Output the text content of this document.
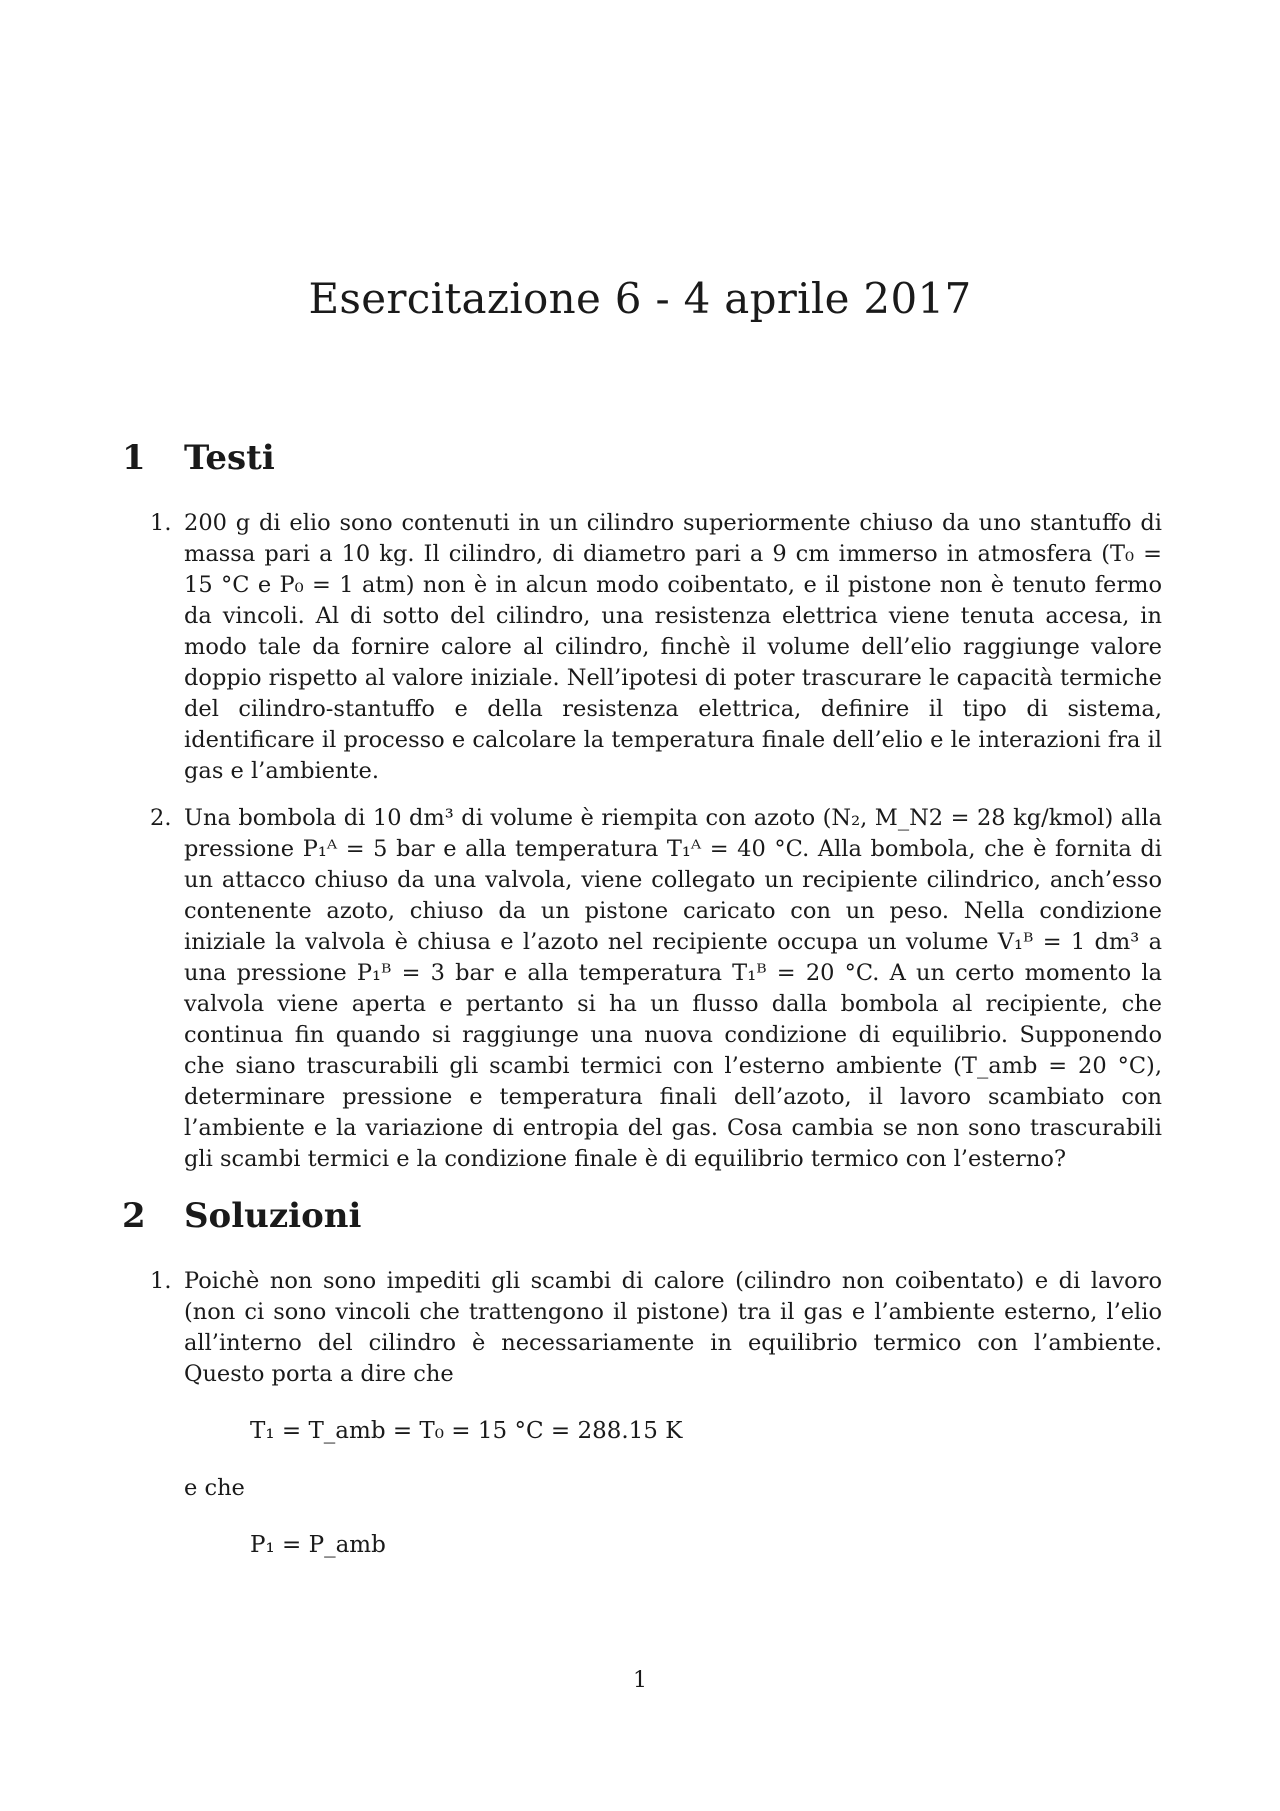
Esercitazione 6 - 4 aprile 2017
1	Testi
1. 200 g di elio sono contenuti in un cilindro superiormente chiuso da uno stantuffo di massa pari a 10 kg. Il cilindro, di diametro pari a 9 cm immerso in atmosfera (T₀ = 15 °C e P₀ = 1 atm) non è in alcun modo coibentato, e il pistone non è tenuto fermo da vincoli. Al di sotto del cilindro, una resistenza elettrica viene tenuta accesa, in modo tale da fornire calore al cilindro, finchè il volume dell’elio raggiunge valore doppio rispetto al valore iniziale. Nell’ipotesi di poter trascurare le capacità termiche del cilindro-stantuffo e della resistenza elettrica, definire il tipo di sistema, identificare il processo e calcolare la temperatura finale dell’elio e le interazioni fra il gas e l’ambiente.

2. Una bombola di 10 dm³ di volume è riempita con azoto (N₂, M_N2 = 28 kg/kmol) alla pressione P₁ᴬ = 5 bar e alla temperatura T₁ᴬ = 40 °C. Alla bombola, che è fornita di un attacco chiuso da una valvola, viene collegato un recipiente cilindrico, anch’esso contenente azoto, chiuso da un pistone caricato con un peso. Nella condizione iniziale la valvola è chiusa e l’azoto nel recipiente occupa un volume V₁ᴮ = 1 dm³ a una pressione P₁ᴮ = 3 bar e alla temperatura T₁ᴮ = 20 °C. A un certo momento la valvola viene aperta e pertanto si ha un flusso dalla bombola al recipiente, che continua fin quando si raggiunge una nuova condizione di equilibrio. Supponendo che siano trascurabili gli scambi termici con l’esterno ambiente (T_amb = 20 °C), determinare pressione e temperatura finali dell’azoto, il lavoro scambiato con l’ambiente e la variazione di entropia del gas. Cosa cambia se non sono trascurabili gli scambi termici e la condizione finale è di equilibrio termico con l’esterno?

2	Soluzioni
1. Poichè non sono impediti gli scambi di calore (cilindro non coibentato) e di lavoro (non ci sono vincoli che trattengono il pistone) tra il gas e l’ambiente esterno, l’elio all’interno del cilindro è necessariamente in equilibrio termico con l’ambiente. Questo porta a dire che

T₁ = T_amb = T₀ = 15 °C = 288.15 K

e che

P₁ = P_amb
1
